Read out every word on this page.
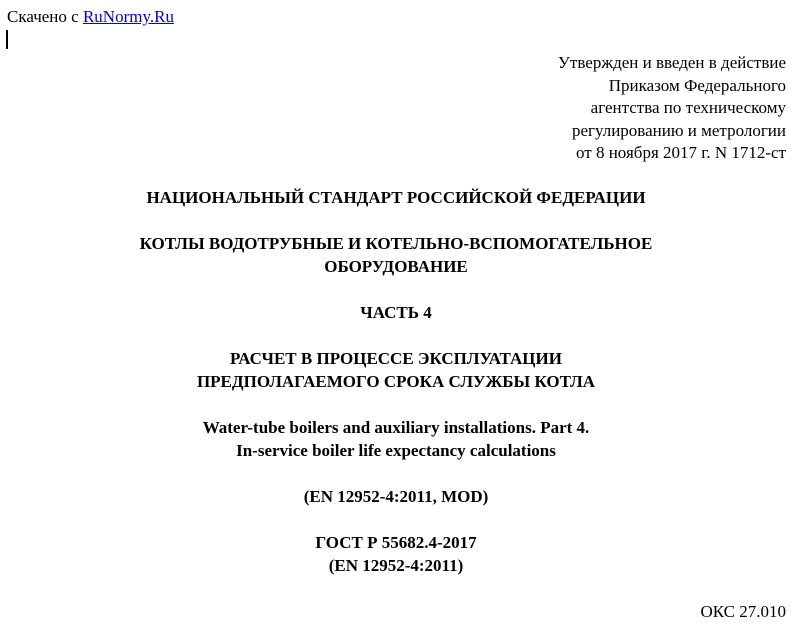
Скачено с RuNormy.Ru
Утвержден и введен в действие
Приказом Федерального
агентства по техническому
регулированию и метрологии
от 8 ноября 2017 г. N 1712-ст
НАЦИОНАЛЬНЫЙ СТАНДАРТ РОССИЙСКОЙ ФЕДЕРАЦИИ
КОТЛЫ ВОДОТРУБНЫЕ И КОТЕЛЬНО-ВСПОМОГАТЕЛЬНОЕ
ОБОРУДОВАНИЕ
ЧАСТЬ 4
РАСЧЕТ В ПРОЦЕССЕ ЭКСПЛУАТАЦИИ
ПРЕДПОЛАГАЕМОГО СРОКА СЛУЖБЫ КОТЛА
Water-tube boilers and auxiliary installations. Part 4.
In-service boiler life expectancy calculations
(EN 12952-4:2011, MOD)
ГОСТ Р 55682.4-2017
(EN 12952-4:2011)
ОКС 27.010
